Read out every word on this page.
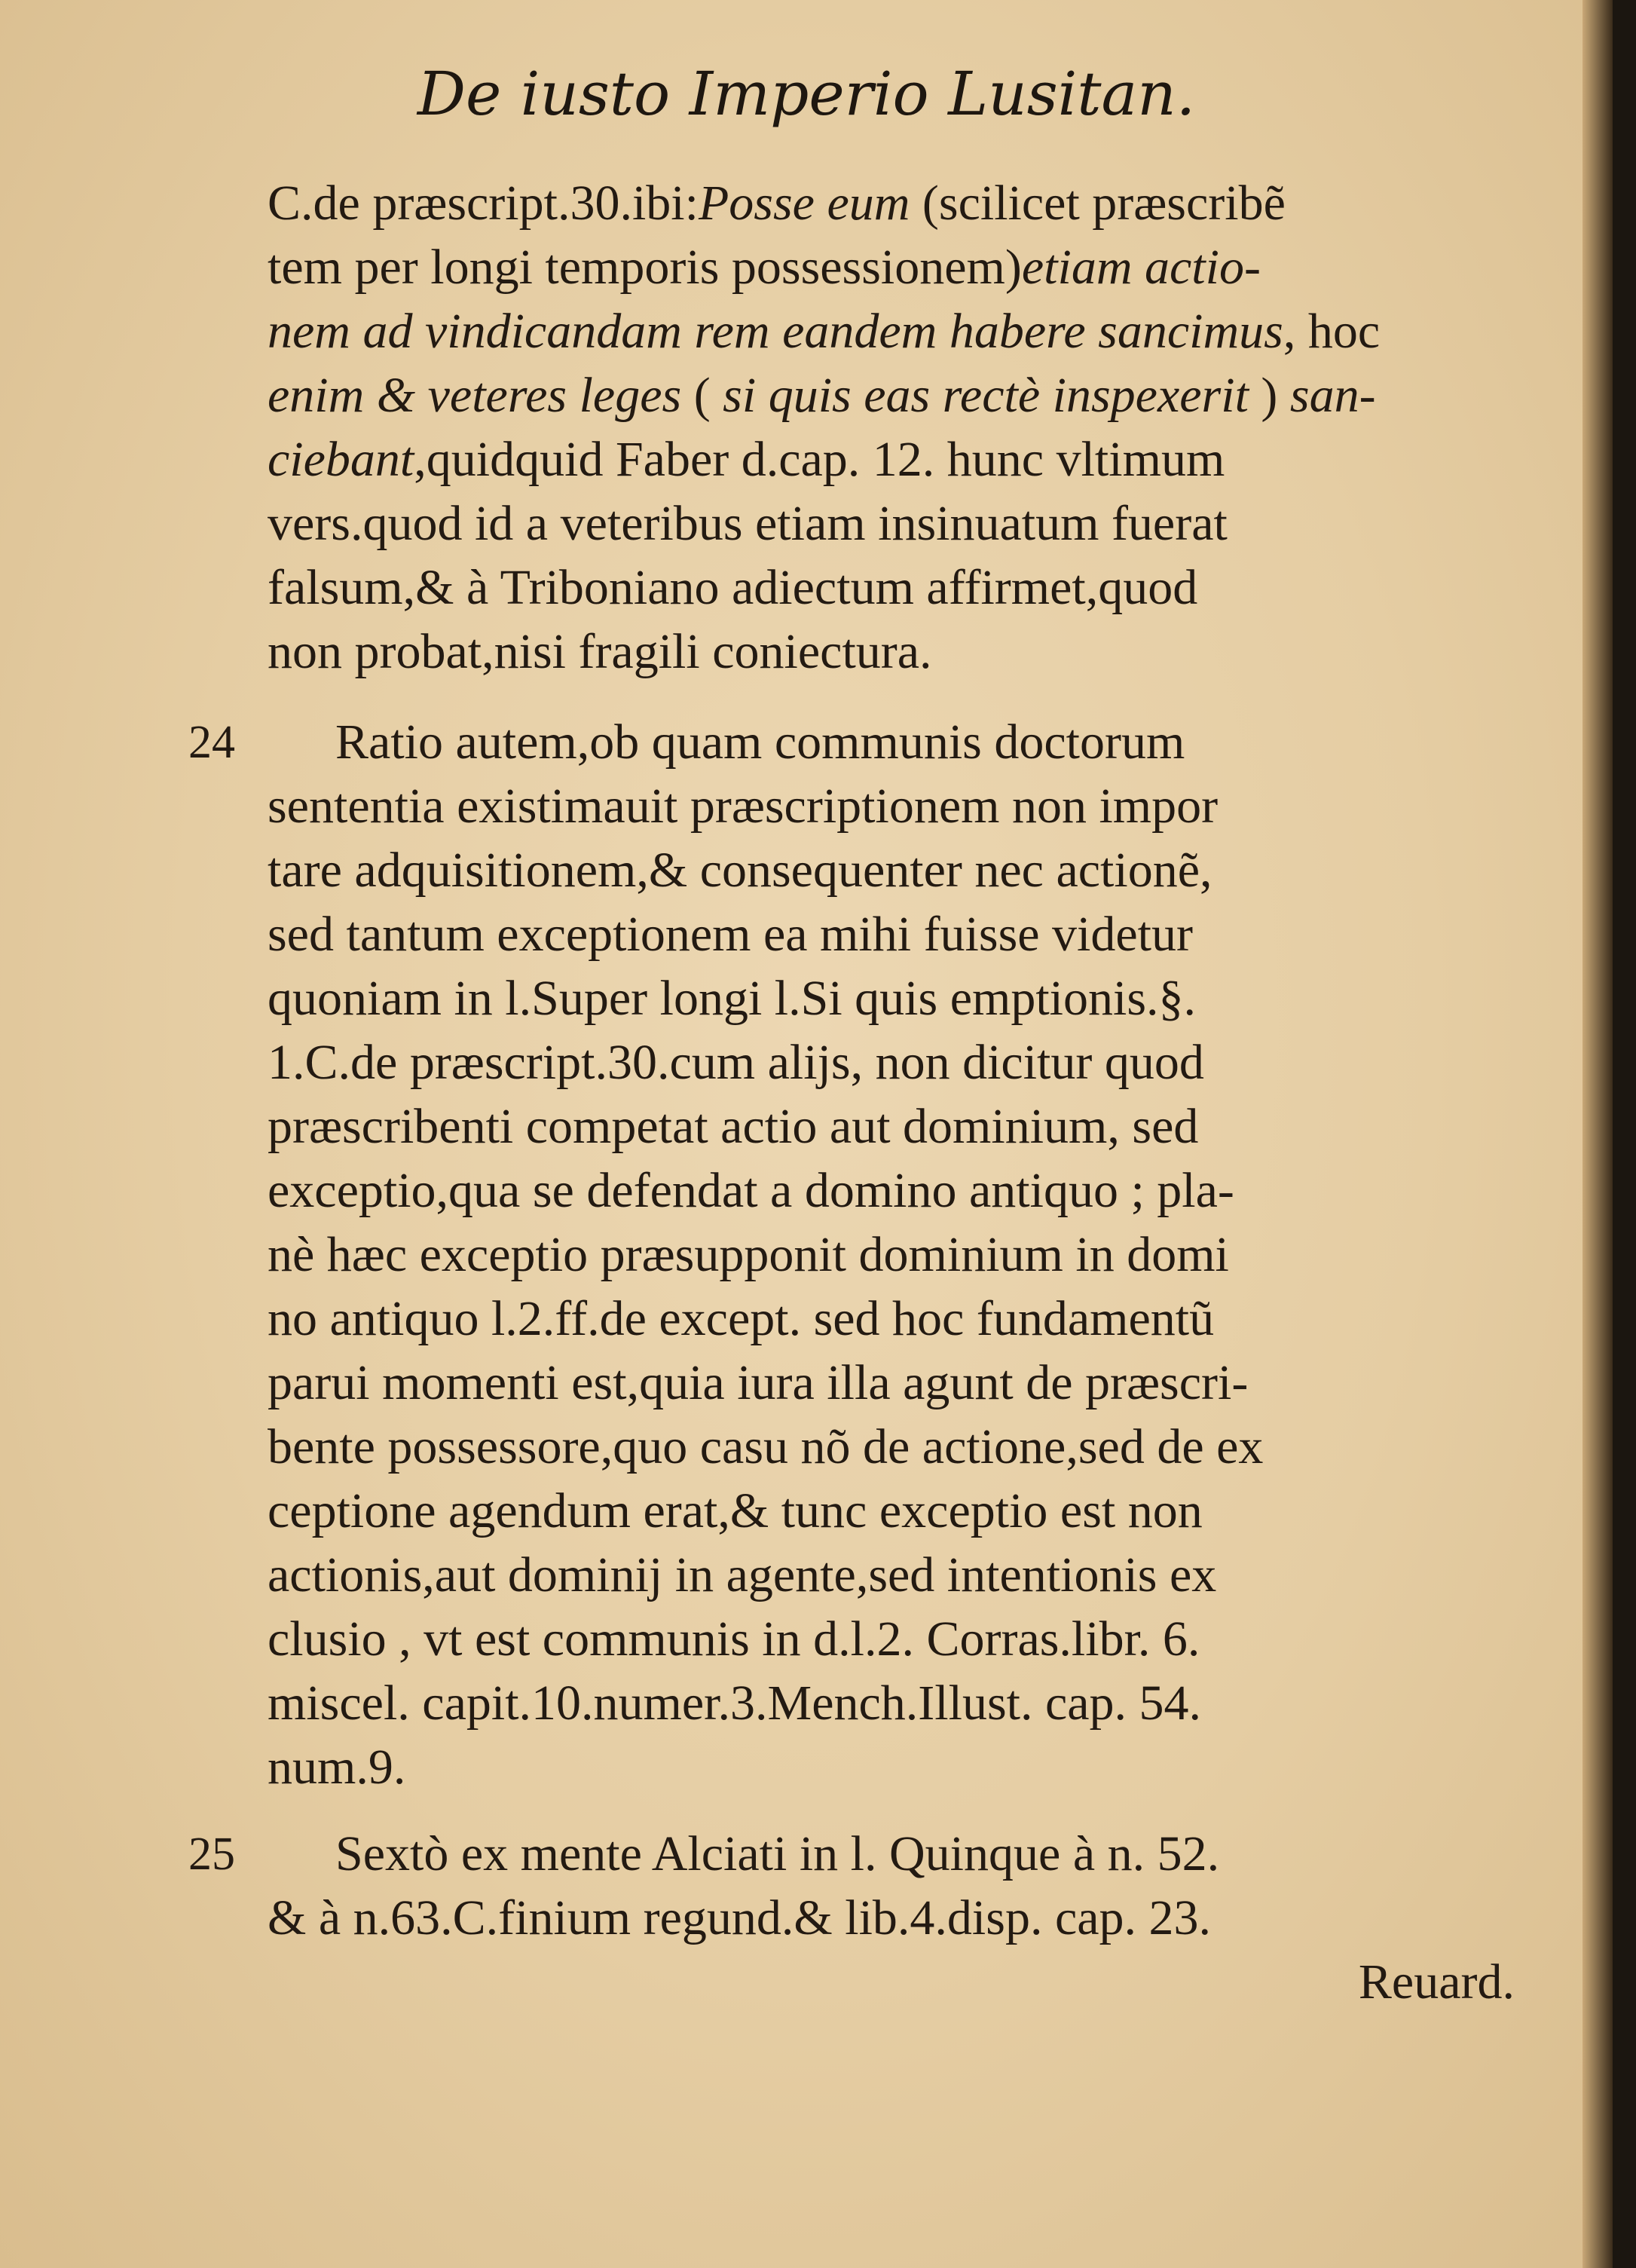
De iusto Imperio Lusitan.
C.de præscript.30.ibi:Posse eum (scilicet præscribẽ
tem per longi temporis possessionem)etiam actio-
nem ad vindicandam rem eandem habere sancimus, hoc
enim & veteres leges ( si quis eas rectè inspexerit ) san-
ciebant,quidquid Faber d.cap. 12. hunc vltimum
vers.quod id a veteribus etiam insinuatum fuerat
falsum,& à Triboniano adiectum affirmet,quod
non probat,nisi fragili coniectura.
24 Ratio autem,ob quam communis doctorum
sententia existimauit præscriptionem non impor
tare adquisitionem,& consequenter nec actionẽ,
sed tantum exceptionem ea mihi fuisse videtur
quoniam in l.Super longi l.Si quis emptionis.§.
1.C.de præscript.30.cum alijs, non dicitur quod
præscribenti competat actio aut dominium, sed
exceptio,qua se defendat a domino antiquo ; pla-
nè hæc exceptio præsupponit dominium in domi
no antiquo l.2.ff.de except. sed hoc fundamentũ
parui momenti est,quia iura illa agunt de præscri-
bente possessore,quo casu nõ de actione,sed de ex
ceptione agendum erat,& tunc exceptio est non
actionis,aut dominij in agente,sed intentionis ex
clusio , vt est communis in d.l.2. Corras.libr. 6.
miscel. capit.10.numer.3.Mench.Illust. cap. 54.
num.9.
25 Sextò ex mente Alciati in l. Quinque à n. 52.
& à n.63.C.finium regund.& lib.4.disp. cap. 23.
Reuard.
